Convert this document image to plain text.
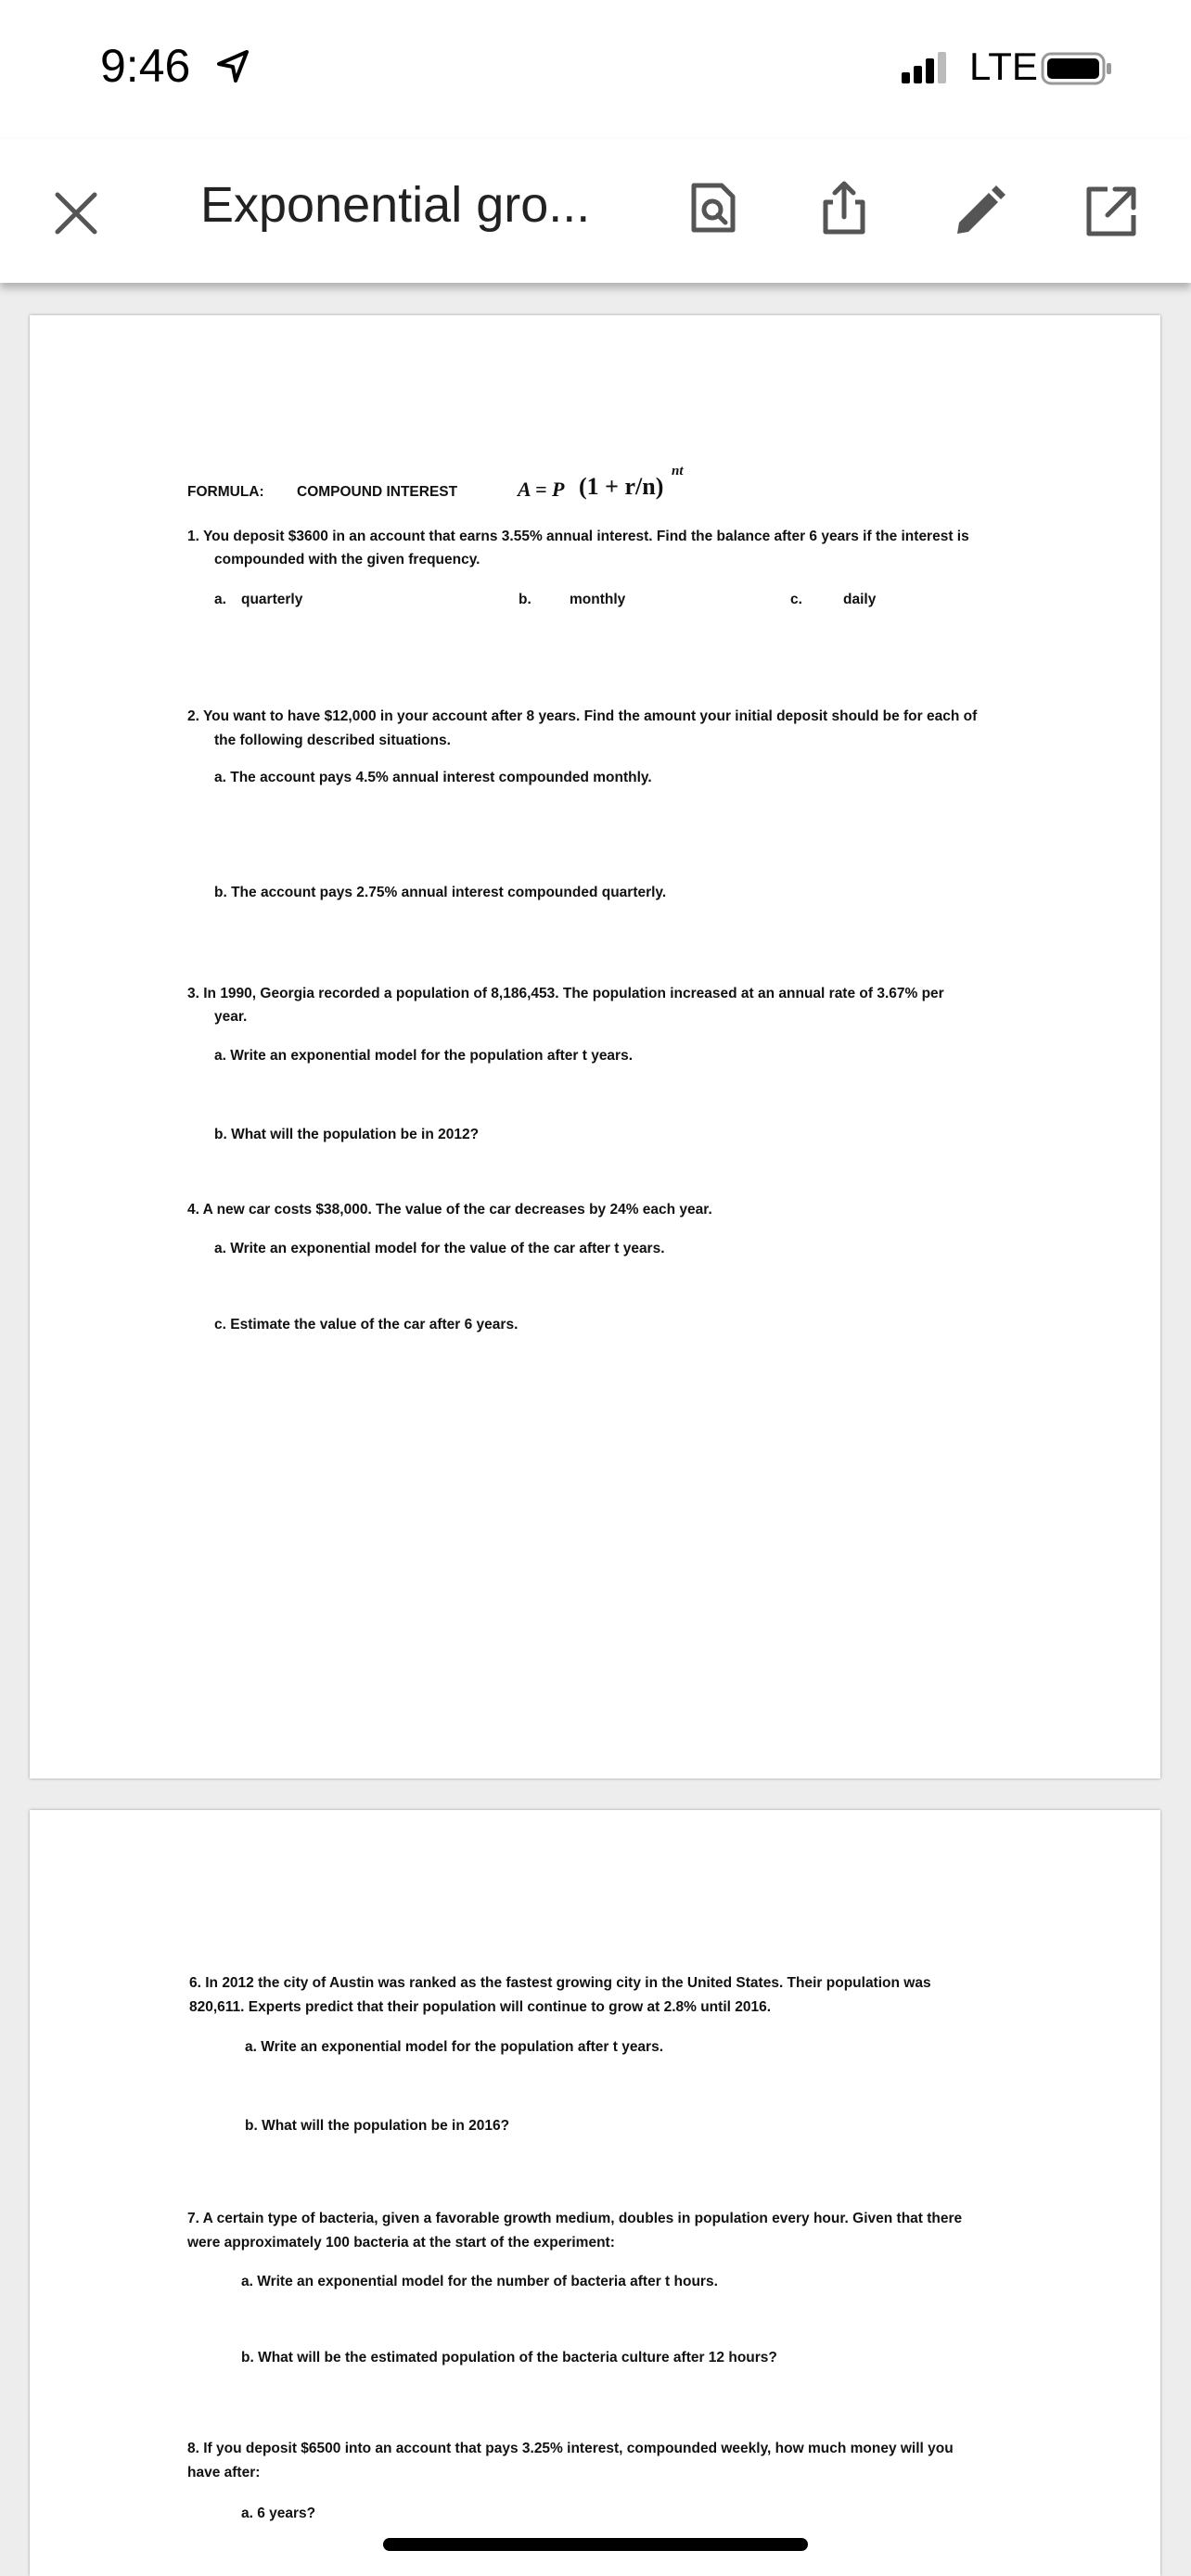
9:46	LTE
Exponential gro...
FORMULA: COMPOUND INTEREST	A = P (1 + r/n)
nt
1. You deposit $3600 in an account that earns 3.55% annual interest. Find the balance after 6 years if the interest is
compounded with the given frequency.
a. quarterly	b.	monthly	c.	daily
2. You want to have $12,000 in your account after 8 years. Find the amount your initial deposit should be for each of
the following described situations.
a. The account pays 4.5% annual interest compounded monthly.
b. The account pays 2.75% annual interest compounded quarterly.
3. In 1990, Georgia recorded a population of 8,186,453. The population increased at an annual rate of 3.67% per
year.
a. Write an exponential model for the population after t years.
b. What will the population be in 2012?
4. A new car costs $38,000. The value of the car decreases by 24% each year.
a. Write an exponential model for the value of the car after t years.
c. Estimate the value of the car after 6 years.
6. In 2012 the city of Austin was ranked as the fastest growing city in the United States. Their population was
820,611. Experts predict that their population will continue to grow at 2.8% until 2016.
a. Write an exponential model for the population after t years.
b. What will the population be in 2016?
7. A certain type of bacteria, given a favorable growth medium, doubles in population every hour. Given that there
were approximately 100 bacteria at the start of the experiment:
a. Write an exponential model for the number of bacteria after t hours.
b. What will be the estimated population of the bacteria culture after 12 hours?
8. If you deposit $6500 into an account that pays 3.25% interest, compounded weekly, how much money will you
have after:
a. 6 years?
